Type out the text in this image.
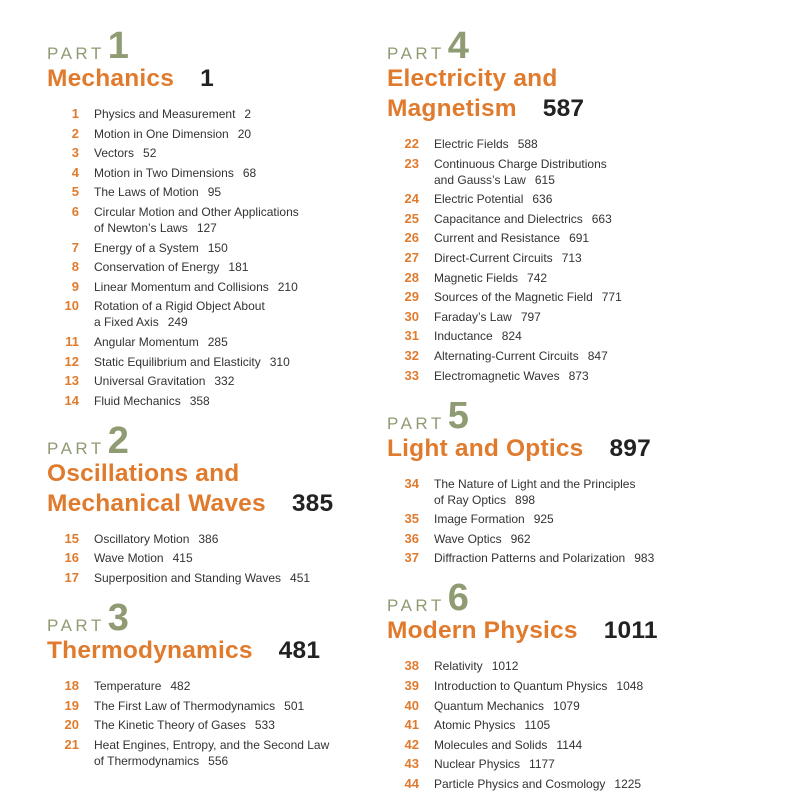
PART 1
Mechanics 1
1	Physics and Measurement 2
2	Motion in One Dimension 20
3	Vectors 52
4	Motion in Two Dimensions 68
5	The Laws of Motion 95
6	Circular Motion and Other Applications
of Newton’s Laws 127
7	Energy of a System 150
8	Conservation of Energy 181
9	Linear Momentum and Collisions 210
10	Rotation of a Rigid Object About
a Fixed Axis 249
11	Angular Momentum 285
12	Static Equilibrium and Elasticity 310
13	Universal Gravitation 332
14	Fluid Mechanics 358
PART 2
Oscillations and
Mechanical Waves 385
15	Oscillatory Motion 386
16	Wave Motion 415
17	Superposition and Standing Waves 451
PART 3
Thermodynamics 481
18	Temperature 482
19	The First Law of Thermodynamics 501
20	The Kinetic Theory of Gases 533
21	Heat Engines, Entropy, and the Second Law
of Thermodynamics 556
PART 4
Electricity and
Magnetism 587
22	Electric Fields 588
23	Continuous Charge Distributions
and Gauss’s Law 615
24	Electric Potential 636
25	Capacitance and Dielectrics 663
26	Current and Resistance 691
27	Direct-Current Circuits 713
28	Magnetic Fields 742
29	Sources of the Magnetic Field 771
30	Faraday’s Law 797
31	Inductance 824
32	Alternating-Current Circuits 847
33	Electromagnetic Waves 873
PART 5
Light and Optics 897
34	The Nature of Light and the Principles
of Ray Optics 898
35	Image Formation 925
36	Wave Optics 962
37	Diffraction Patterns and Polarization 983
PART 6
Modern Physics 1011
38	Relativity 1012
39	Introduction to Quantum Physics 1048
40	Quantum Mechanics 1079
41	Atomic Physics 1105
42	Molecules and Solids 1144
43	Nuclear Physics 1177
44	Particle Physics and Cosmology 1225
